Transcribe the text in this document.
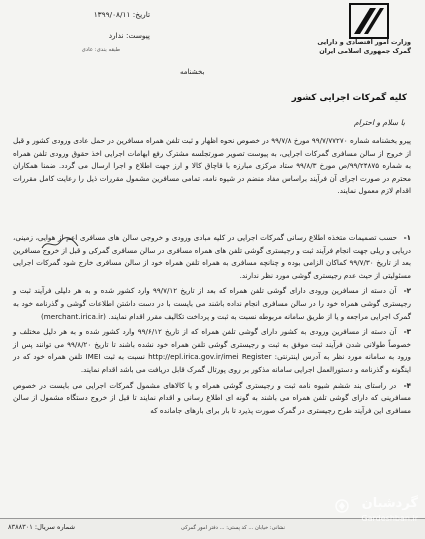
وزارت امور اقتصادی و دارایی
گمرک جمهوری اسلامی ایران
تاریخ: ۱۳۹۹/۰۸/۱۱
پیوست: ندارد
طبقه بندی: عادی
بخشنامه
کلیه گمرکات اجرایی کشور
با سلام و احترام
پیرو بخشنامه شماره ۹۹/۷/۷۷۲۷۰ مورخ ۹۹/۷/۸ در خصوص نحوه اظهار و ثبت تلفن همراه مسافرین در حمل عادی ورودی کشور و قبل از خروج از سالن مسافری گمرکات اجرایی، به پیوست تصویر صورتجلسه مشترک رفع ابهامات اجرایی اخذ حقوق ورودی تلفن همراه به شماره ۹۹/۲۴۸۷۵/ص مورخ ۹۹/۸/۳ ستاد مرکزی مبارزه با قاچاق کالا و ارز جهت اطلاع و اجرا ارسال می گردد. ضمنا همکاران محترم در صورت اجرای آن فرآیند براساس مفاد منضم در شیوه نامه، تمامی مسافرین مشمول مقررات ذیل را رعایت کامل مقررات اقدام لازم معمول نمایند.
۱- حسب تصمیمات متخذه اطلاع رسانی گمرکات اجرایی در کلیه مبادی ورودی و خروجی سالن های مسافری اعم از هوایی، زمینی، دریایی و ریلی جهت انجام فرآیند ثبت و رجیستری گوشی تلفن های همراه مسافری در سالن مسافری گمرکی و قبل از خروج مسافرین بعد از تاریخ ۹۹/۷/۳۰ کماکان الزامی بوده و چنانچه مسافری به همراه تلفن همراه خود از سالن مسافری خارج شود گمرکات اجرایی مسئولیتی از حیث عدم رجیستری گوشی مورد نظر ندارند.
۲- آن دسته از مسافرین ورودی دارای گوشی تلفن همراه که بعد از تاریخ ۹۹/۷/۱۲ وارد کشور شده و به هر دلیلی فرآیند ثبت و رجیستری گوشی همراه خود را در سالن مسافری انجام نداده باشند می بایست با در دست داشتن اطلاعات گوشی و گذرنامه خود به گمرک اجرایی مراجعه و یا از طریق سامانه مربوطه نسبت به ثبت و پرداخت تکالیف مقرر اقدام نمایند. (merchant.irica.ir)
۳- آن دسته از مسافرین ورودی به کشور دارای گوشی تلفن همراه که از تاریخ ۹۹/۶/۱۲ وارد کشور شده و به هر دلیل مختلف و خصوصاً طولانی شدن فرآیند ثبت موفق به ثبت و رجیستری گوشی تلفن همراه خود نشده باشند تا تاریخ ۹۹/۸/۲۰ می توانند پس از ورود به سامانه مورد نظر به آدرس اینترنتی: http://epl.irica.gov.ir/imei Register نسبت به ثبت IMEI تلفن همراه خود که در اینگونه و گذرنامه و دستورالعمل اجرایی سامانه مذکور بر روی پورتال گمرک قابل دریافت می باشد اقدام نمایند.
۴- در راستای بند ششم شیوه نامه ثبت و رجیستری گوشی همراه و یا کالاهای مشمول گمرکات اجرایی می بایست در خصوص مسافرینی که دارای گوشی تلفن همراه می باشند به گونه ای اطلاع رسانی و اقدام نمایند تا قبل از خروج دستگاه مشمول از سالن مسافری این فرآیند طرح رجیستری در گمرک صورت پذیرد تا بار برای بارهای جامانده که
نشانی: خیابان ... کد پستی: ... دفتر امور گمرکی
شماره سریال: ۸۳۸۸۳۰۱
گردشبان
Gardeshban.ir
